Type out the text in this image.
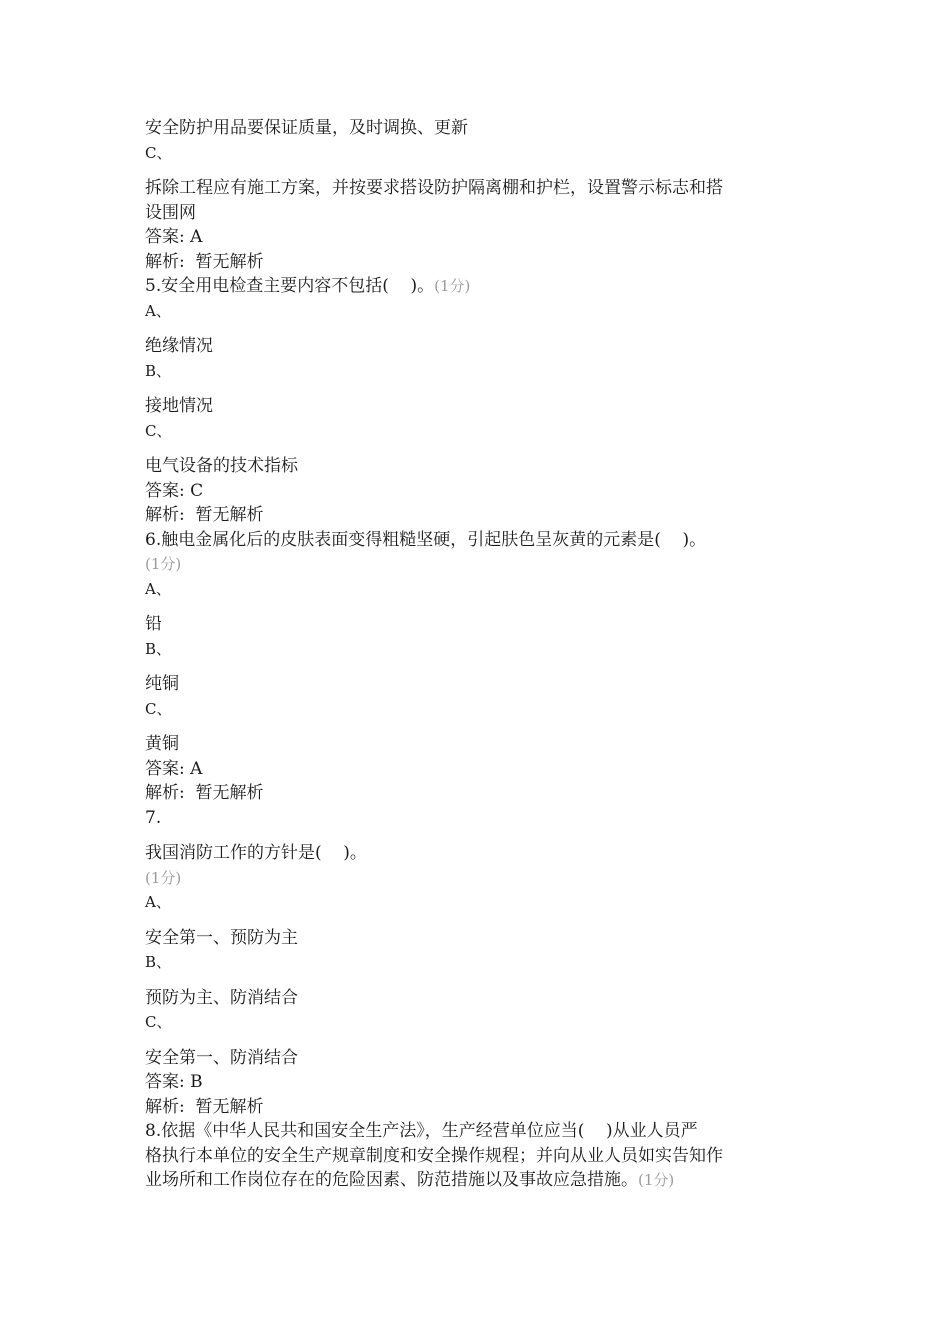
安全防护用品要保证质量，及时调换、更新

C、

拆除工程应有施工方案，并按要求搭设防护隔离棚和护栏，设置警示标志和搭

设围网

答案: A

解析:  暂无解析

5.安全用电检查主要内容不包括(    )。(1分)

A、

绝缘情况

B、

接地情况

C、

电气设备的技术指标

答案: C

解析:  暂无解析

6.触电金属化后的皮肤表面变得粗糙坚硬，引起肤色呈灰黄的元素是(    )。

(1分)

A、

铅

B、

纯铜

C、

黄铜

答案: A

解析:  暂无解析

7.

我国消防工作的方针是(    )。

(1分)

A、

安全第一、预防为主

B、

预防为主、防消结合

C、

安全第一、防消结合

答案: B

解析:  暂无解析

8.依据《中华人民共和国安全生产法》，生产经营单位应当(    )从业人员严

格执行本单位的安全生产规章制度和安全操作规程；并向从业人员如实告知作

业场所和工作岗位存在的危险因素、防范措施以及事故应急措施。(1分)
